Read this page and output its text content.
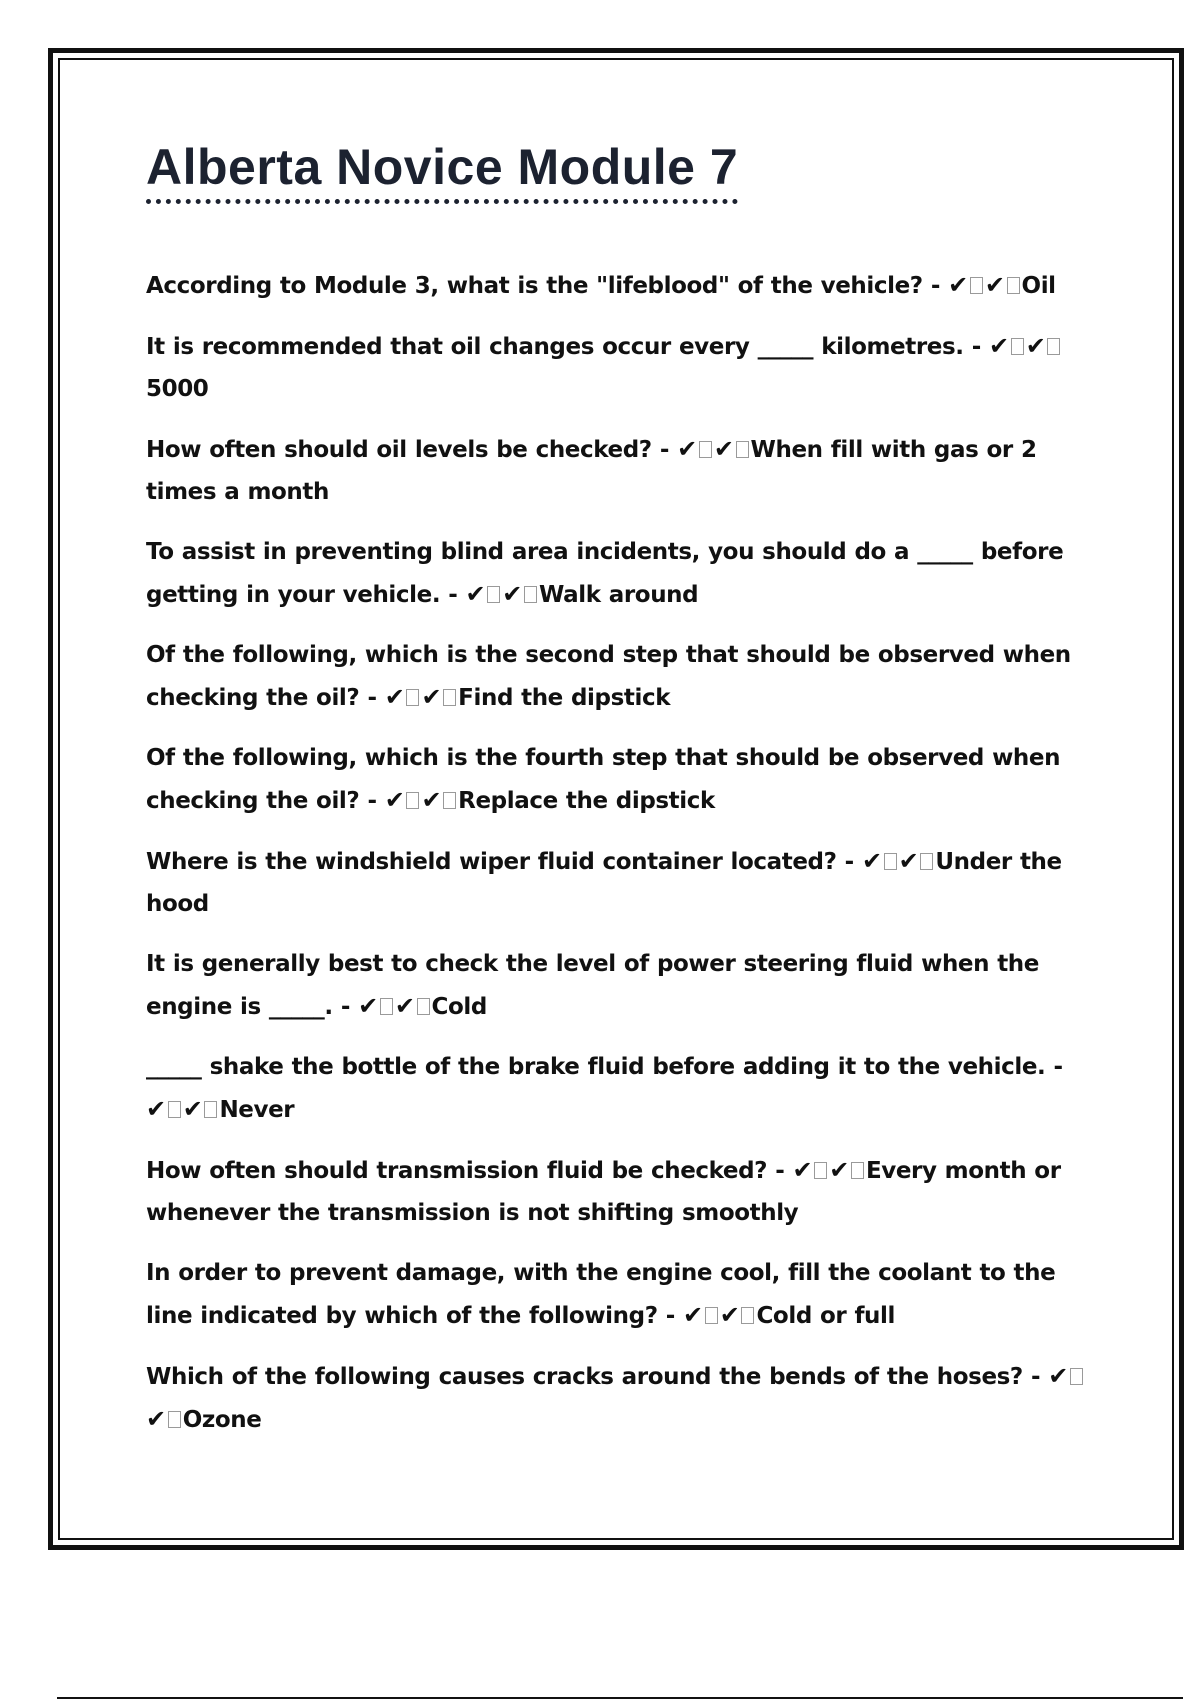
Alberta Novice Module 7
According to Module 3, what is the "lifeblood" of the vehicle? - ✔ ✔ Oil
It is recommended that oil changes occur every _____ kilometres. - ✔ ✔5000
How often should oil levels be checked? - ✔ ✔ When fill with gas or 2 times a month
To assist in preventing blind area incidents, you should do a _____ before getting in your vehicle. - ✔ ✔ Walk around
Of the following, which is the second step that should be observed when checking the oil? - ✔ ✔ Find the dipstick
Of the following, which is the fourth step that should be observed when checking the oil? - ✔ ✔ Replace the dipstick
Where is the windshield wiper fluid container located? - ✔ ✔ Under the hood
It is generally best to check the level of power steering fluid when the engine is _____. - ✔ ✔ Cold
_____ shake the bottle of the brake fluid before adding it to the vehicle. - ✔ ✔ Never
How often should transmission fluid be checked? - ✔ ✔ Every month or whenever the transmission is not shifting smoothly
In order to prevent damage, with the engine cool, fill the coolant to the line indicated by which of the following? - ✔ ✔ Cold or full
Which of the following causes cracks around the bends of the hoses? - ✔✔ Ozone
